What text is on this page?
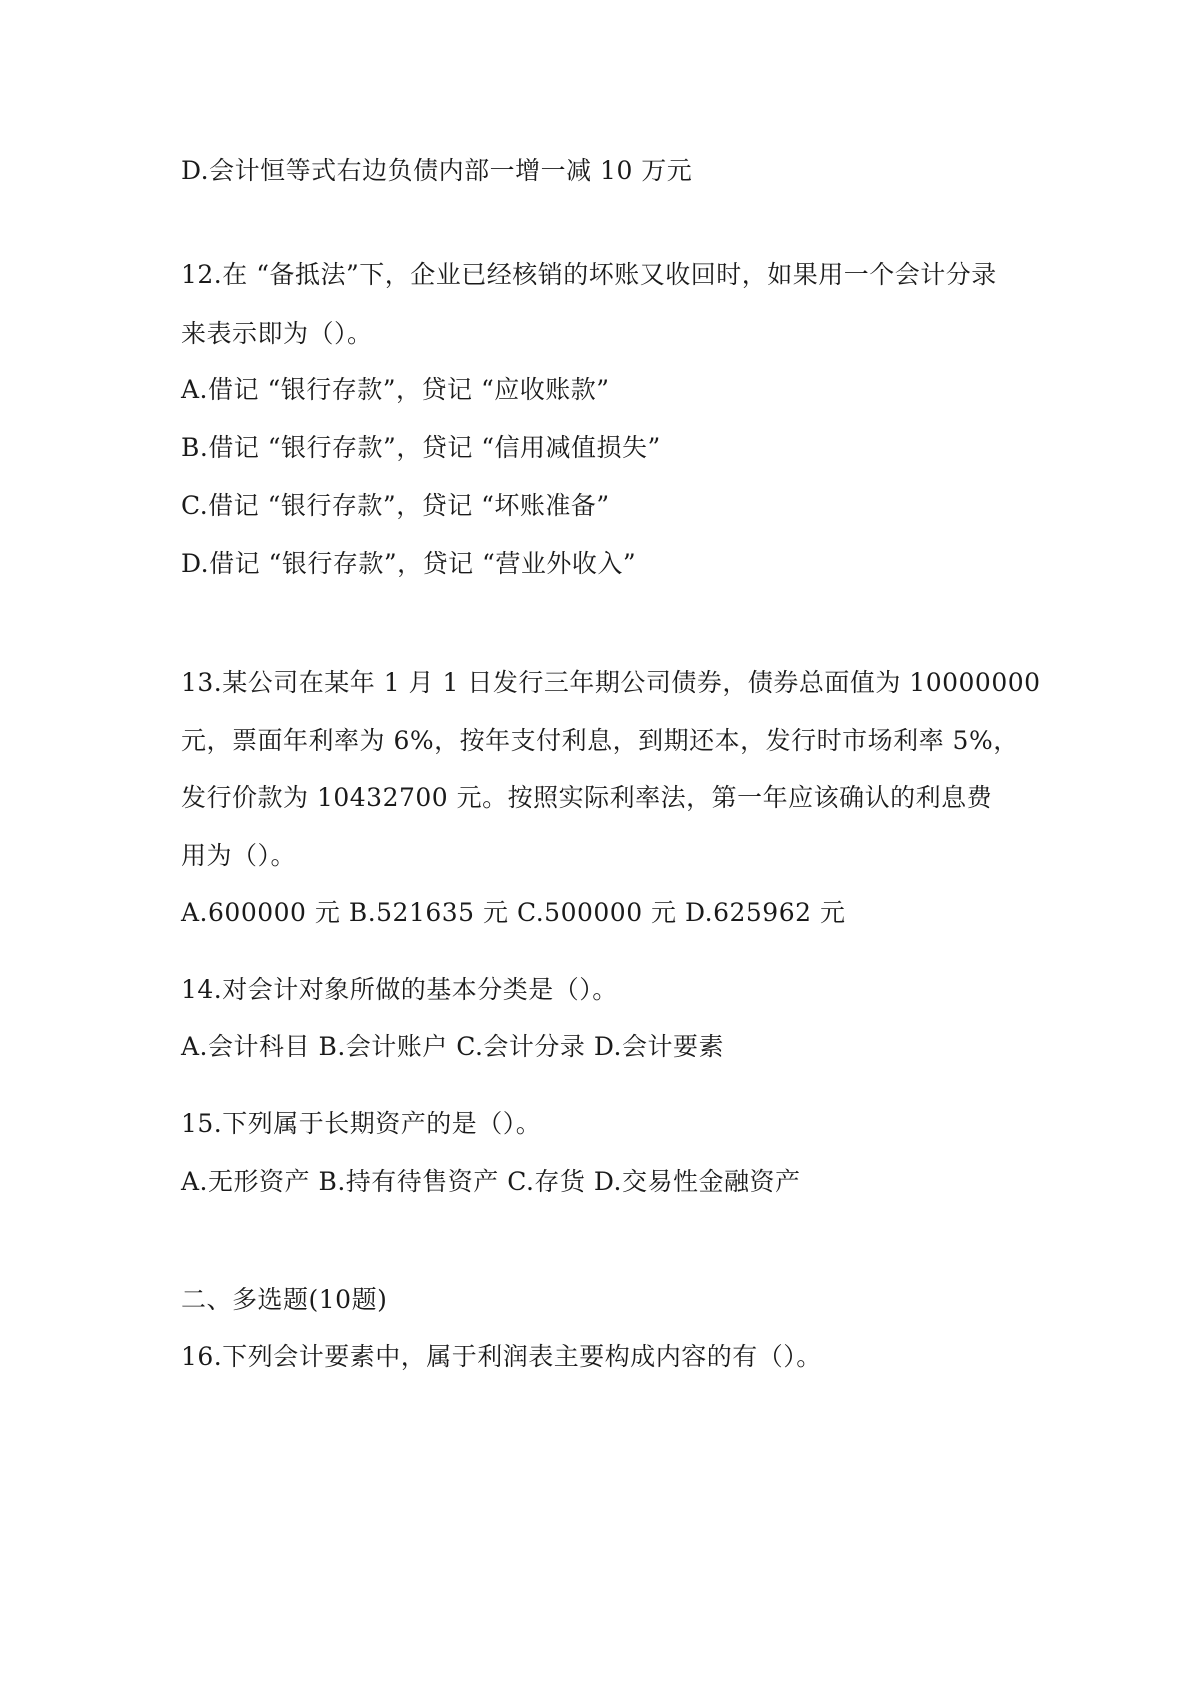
D.会计恒等式右边负债内部一增一减 10 万元
12.在 “备抵法”下，企业已经核销的坏账又收回时，如果用一个会计分录
来表示即为（）。
A.借记 “银行存款”，贷记 “应收账款”
B.借记 “银行存款”，贷记 “信用减值损失”
C.借记 “银行存款”，贷记 “坏账准备”
D.借记 “银行存款”，贷记 “营业外收入”
13.某公司在某年 1 月 1 日发行三年期公司债券，债券总面值为 10000000
元，票面年利率为 6%，按年支付利息，到期还本，发行时市场利率 5%，
发行价款为 10432700 元。按照实际利率法，第一年应该确认的利息费
用为（）。
A.600000 元 B.521635 元 C.500000 元 D.625962 元
14.对会计对象所做的基本分类是（）。
A.会计科目 B.会计账户 C.会计分录 D.会计要素
15.下列属于长期资产的是（）。
A.无形资产 B.持有待售资产 C.存货 D.交易性金融资产
二、多选题(10题)
16.下列会计要素中，属于利润表主要构成内容的有（）。
